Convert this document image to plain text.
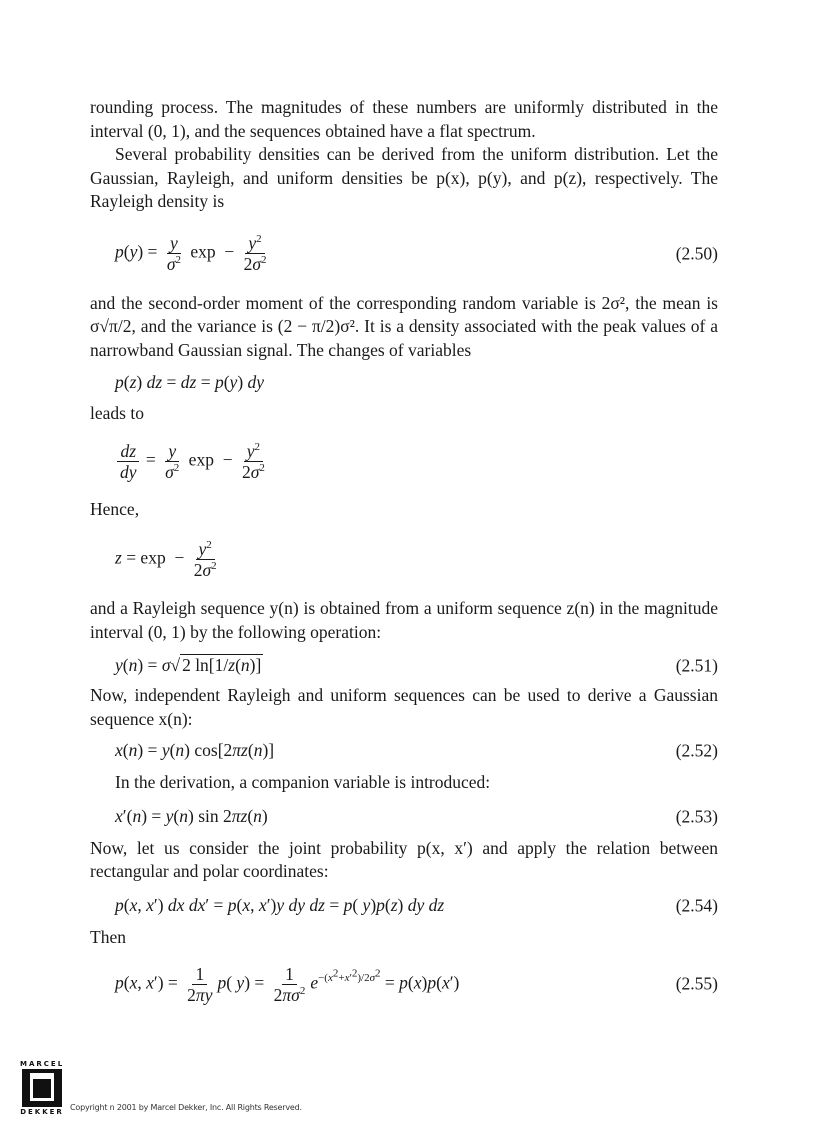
rounding process. The magnitudes of these numbers are uniformly distributed in the interval (0, 1), and the sequences obtained have a flat spectrum.

Several probability densities can be derived from the uniform distribution. Let the Gaussian, Rayleigh, and uniform densities be p(x), p(y), and p(z), respectively. The Rayleigh density is

$p(y) = \frac{y}{\sigma^2}$ $\exp - \frac{y^2}{2\sigma^2}$	(2.50)

and the second-order moment of the corresponding random variable is 2σ², the mean is σ√π/2, and the variance is (2 − π/2)σ². It is a density associated with the peak values of a narrowband Gaussian signal. The changes of variables

p(z) dz = dz = p(y) dy

leads to

$\frac{dz}{dy} = \frac{y}{\sigma^2}$ $\exp - \frac{y^2}{2\sigma^2}$

Hence,

$z = \exp - \frac{y^2}{2\sigma^2}$

and a Rayleigh sequence y(n) is obtained from a uniform sequence z(n) in the magnitude interval (0, 1) by the following operation:

y(n) = σ√ 2 ln[1/z(n)]	(2.51)

Now, independent Rayleigh and uniform sequences can be used to derive a Gaussian sequence x(n):

x(n) = y(n) cos[2πz(n)]	(2.52)

In the derivation, a companion variable is introduced:

x′(n) = y(n) sin 2πz(n)	(2.53)

Now, let us consider the joint probability p(x, x′) and apply the relation between rectangular and polar coordinates:

p(x, x′) dx dx′ = p(x, x′)y dy dz = p( y)p(z) dy dz	(2.54)

Then

p(x, $x') = \frac{1}{2\pi y} p$( $y) = \frac{1}{2\pi\sigma^2} e^{-(x^2+x'^2)/2\sigma^2} = p(x)p(x')$	(2.55)
MARCEL
DEKKER Copyright n 2001 by Marcel Dekker, Inc. All Rights Reserved.
